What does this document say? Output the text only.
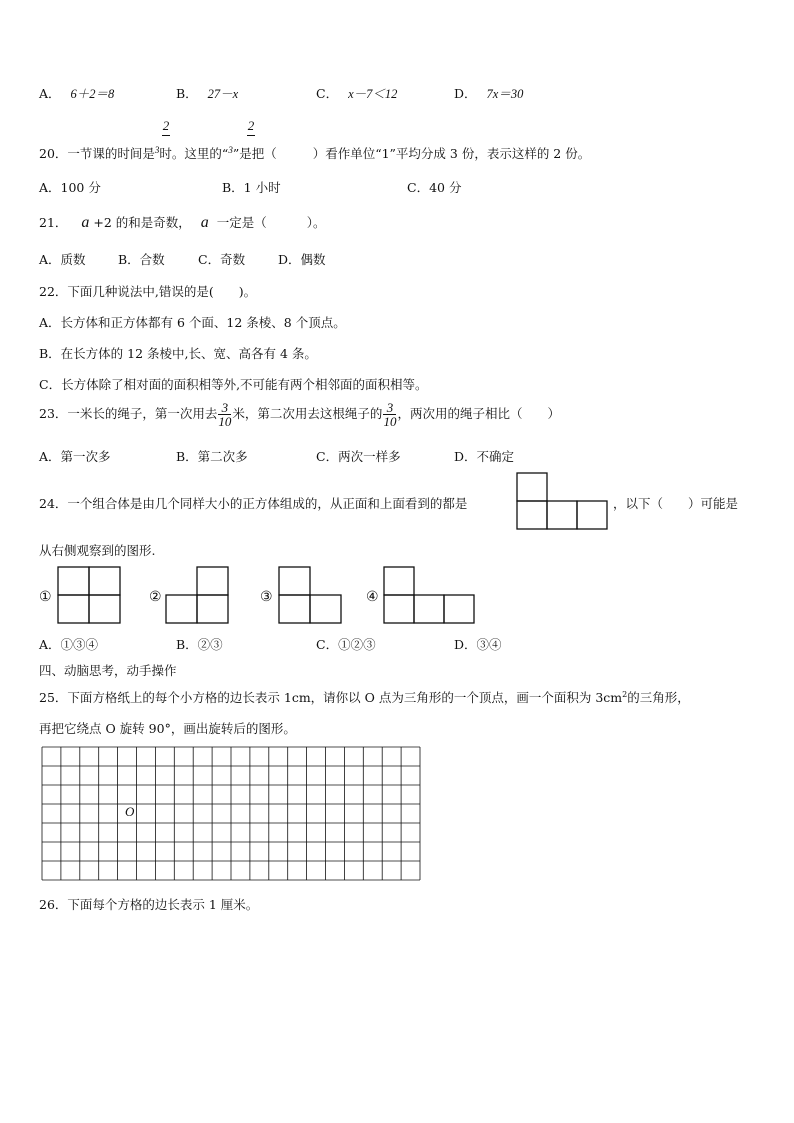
A． 6＋2＝8	B． 27－x	C． x－7＜12	D． 7x＝30
2	2
20．一节课的时间是$^3$时。这里的“$^3$”是把（	）看作单位“1”平均分成 3 份，表示这样的 2 份。
A．100 分	B．1 小时	C．40 分
21． a +2 的和是奇数， a 一定是（	）。
A．质数	B．合数	C．奇数	D．偶数
22．下面几种说法中,错误的是(　　)。
A．长方体和正方体都有 6 个面、12 条棱、8 个顶点。
B．在长方体的 12 条棱中,长、宽、高各有 4 条。
C．长方体除了相对面的面积相等外,不可能有两个相邻面的面积相等。
23．一米长的绳子，第一次用去 $\frac{3}{10}$ 米，第二次用去这根绳子的 $\frac{3}{10}$ ，两次用的绳子相比（　　）
A．第一次多	B．第二次多	C．两次一样多	D．不确定
24．一个组合体是由几个同样大小的正方体组成的，从正面和上面看到的都是	，以下（　　）可能是
从右侧观察到的图形.
①	②	③	④
A．①③④	B．②③	C．①②③	D．③④
四、动脑思考，动手操作
25．下面方格纸上的每个小方格的边长表示 1cm，请你以 O 点为三角形的一个顶点，画一个面积为 $3cm^2$的三角形，
再把它绕点 O 旋转 90°，画出旋转后的图形。
O
26．下面每个方格的边长表示 1 厘米。
